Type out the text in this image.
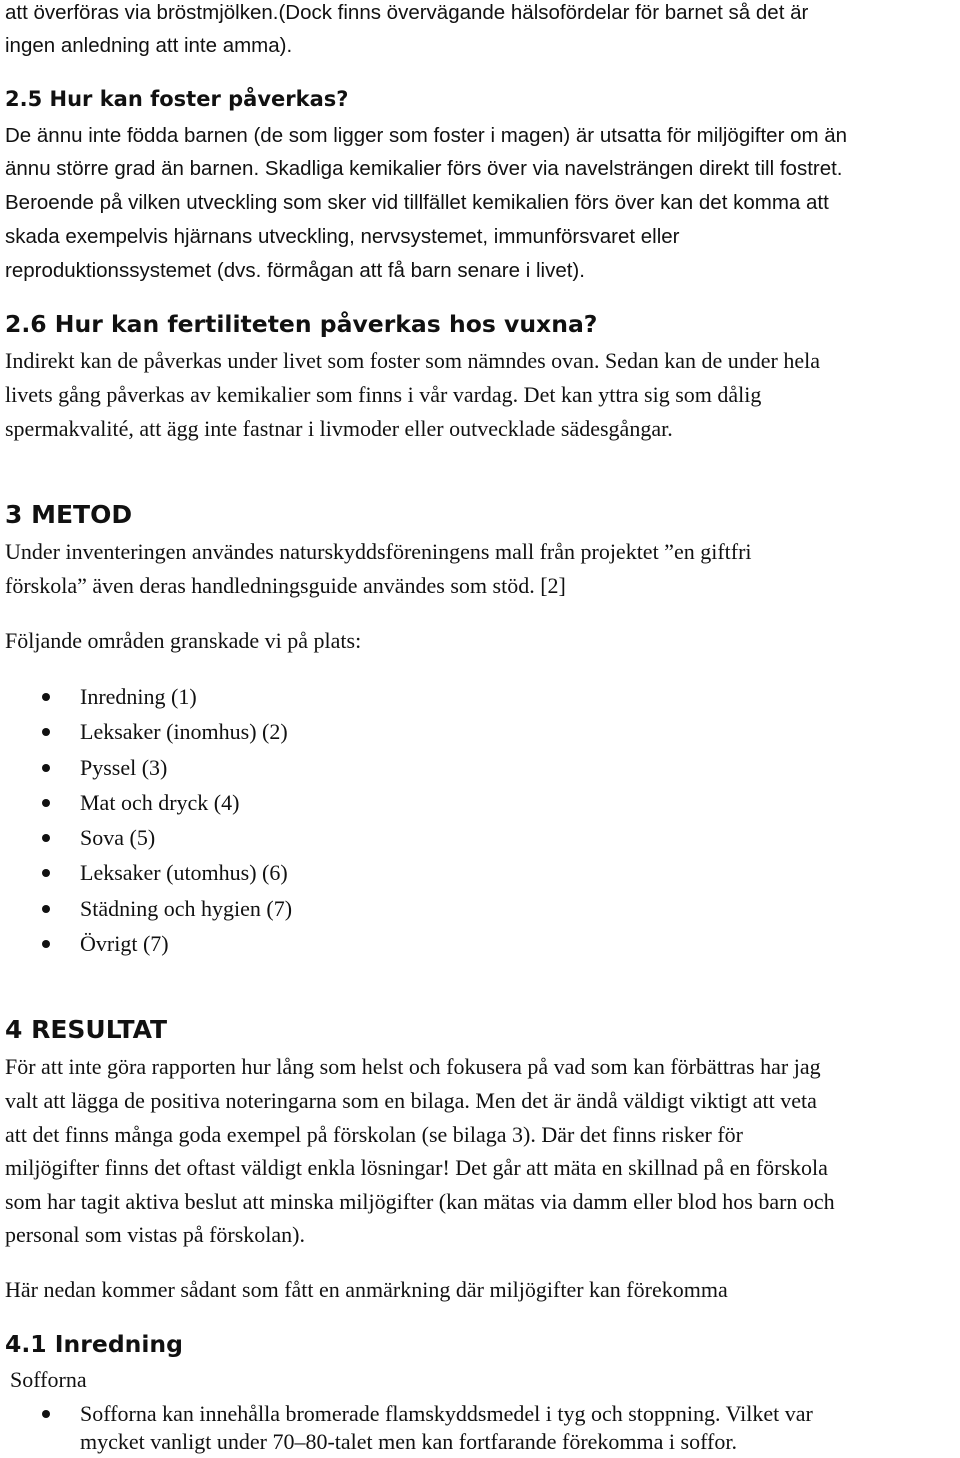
att överföras via bröstmjölken.(Dock finns övervägande hälsofördelar för barnet så det är
ingen anledning att inte amma).
2.5 Hur kan foster påverkas?
De ännu inte födda barnen (de som ligger som foster i magen) är utsatta för miljögifter om än
ännu större grad än barnen. Skadliga kemikalier förs över via navelsträngen direkt till fostret.
Beroende på vilken utveckling som sker vid tillfället kemikalien förs över kan det komma att
skada exempelvis hjärnans utveckling, nervsystemet, immunförsvaret eller
reproduktionssystemet (dvs. förmågan att få barn senare i livet).
2.6 Hur kan fertiliteten påverkas hos vuxna?
Indirekt kan de påverkas under livet som foster som nämndes ovan. Sedan kan de under hela
livets gång påverkas av kemikalier som finns i vår vardag. Det kan yttra sig som dålig
spermakvalité, att ägg inte fastnar i livmoder eller outvecklade sädesgångar.
3 METOD
Under inventeringen användes naturskyddsföreningens mall från projektet ”en giftfri
förskola” även deras handledningsguide användes som stöd. [2]
Följande områden granskade vi på plats:
Inredning (1)
Leksaker (inomhus) (2)
Pyssel (3)
Mat och dryck (4)
Sova (5)
Leksaker (utomhus) (6)
Städning och hygien (7)
Övrigt (7)
4 RESULTAT
För att inte göra rapporten hur lång som helst och fokusera på vad som kan förbättras har jag
valt att lägga de positiva noteringarna som en bilaga. Men det är ändå väldigt viktigt att veta
att det finns många goda exempel på förskolan (se bilaga 3). Där det finns risker för
miljögifter finns det oftast väldigt enkla lösningar! Det går att mäta en skillnad på en förskola
som har tagit aktiva beslut att minska miljögifter (kan mätas via damm eller blod hos barn och
personal som vistas på förskolan).
Här nedan kommer sådant som fått en anmärkning där miljögifter kan förekomma
4.1 Inredning
Sofforna
Sofforna kan innehålla bromerade flamskyddsmedel i tyg och stoppning. Vilket var
mycket vanligt under 70–80-talet men kan fortfarande förekomma i soffor.
